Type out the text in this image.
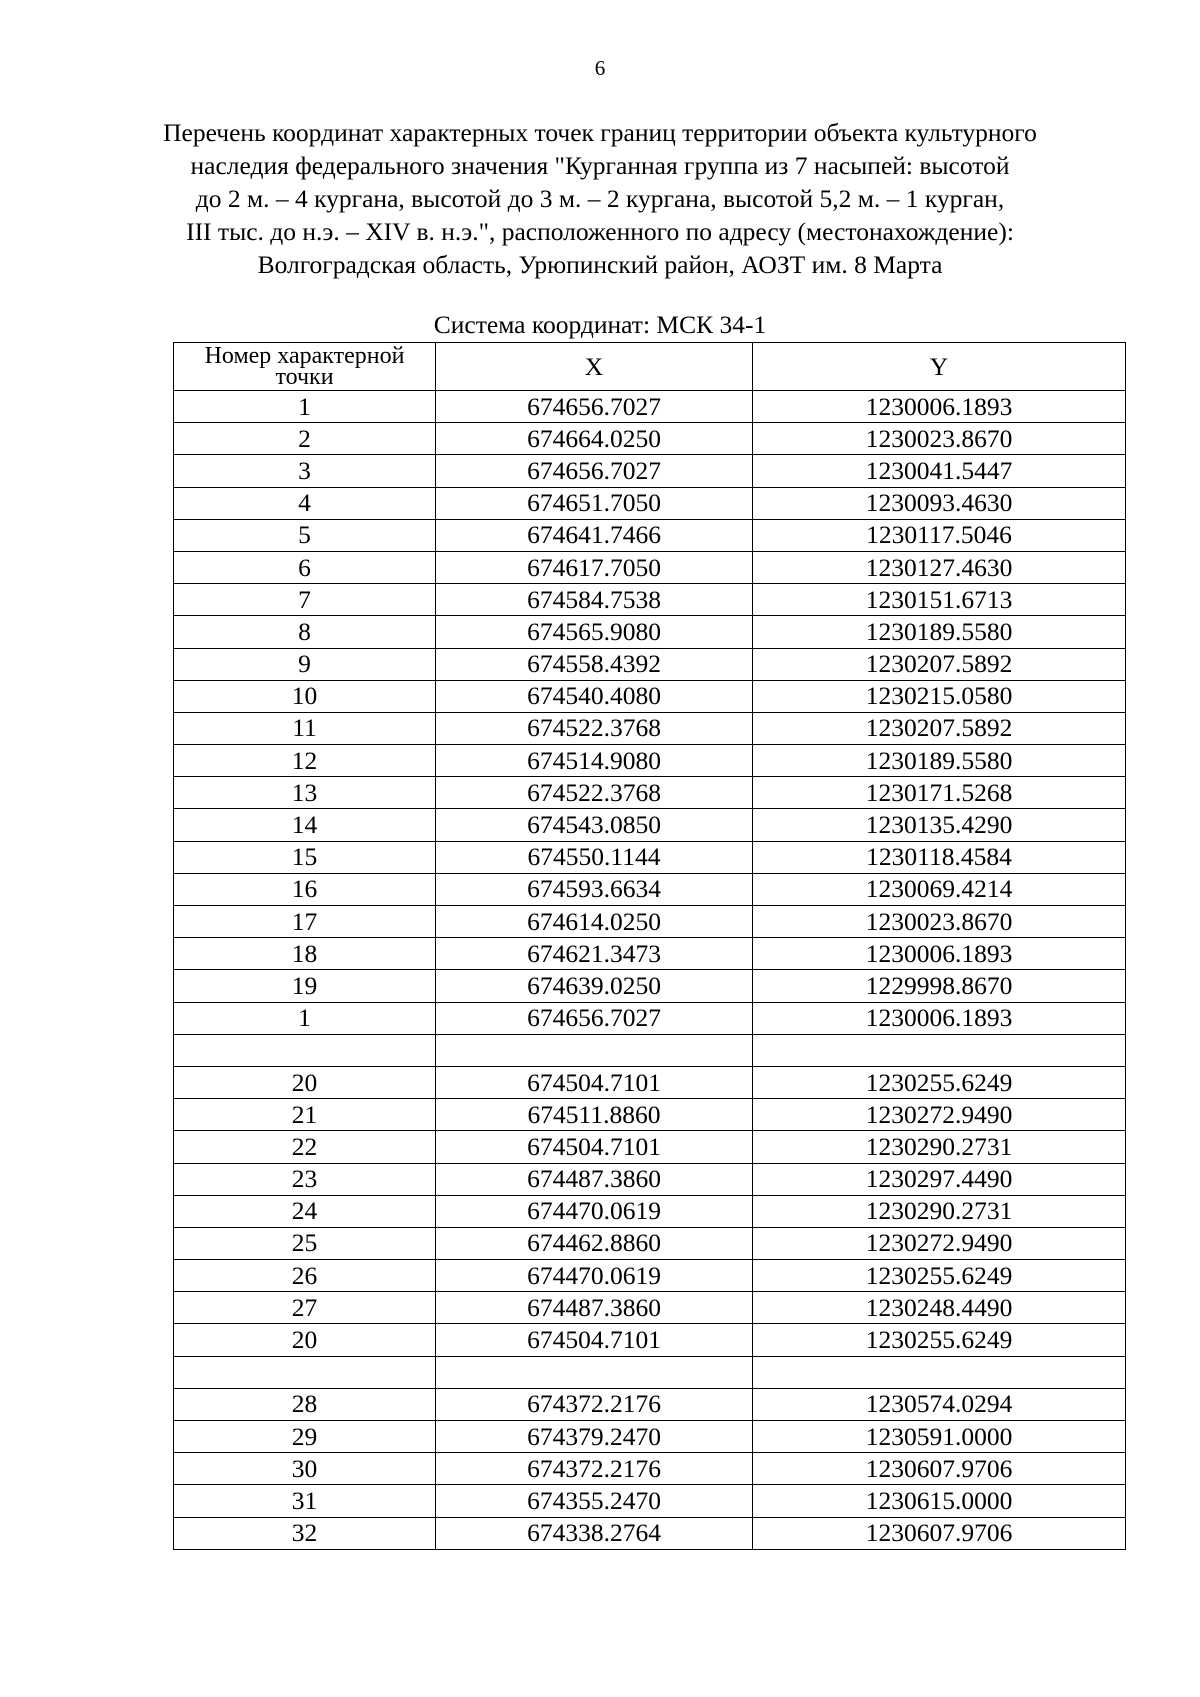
6
Перечень координат характерных точек границ территории объекта культурного
наследия федерального значения "Курганная группа из 7 насыпей: высотой
до 2 м. – 4 кургана, высотой до 3 м. – 2 кургана, высотой 5,2 м. – 1 курган,
III тыс. до н.э. – XIV в. н.э.", расположенного по адресу (местонахождение):
Волгоградская область, Урюпинский район, АОЗТ им. 8 Марта
Система координат: МСК 34-1
Номер характерной точки	X	Y
1	674656.7027	1230006.1893
2	674664.0250	1230023.8670
3	674656.7027	1230041.5447
4	674651.7050	1230093.4630
5	674641.7466	1230117.5046
6	674617.7050	1230127.4630
7	674584.7538	1230151.6713
8	674565.9080	1230189.5580
9	674558.4392	1230207.5892
10	674540.4080	1230215.0580
11	674522.3768	1230207.5892
12	674514.9080	1230189.5580
13	674522.3768	1230171.5268
14	674543.0850	1230135.4290
15	674550.1144	1230118.4584
16	674593.6634	1230069.4214
17	674614.0250	1230023.8670
18	674621.3473	1230006.1893
19	674639.0250	1229998.8670
1	674656.7027	1230006.1893

20	674504.7101	1230255.6249
21	674511.8860	1230272.9490
22	674504.7101	1230290.2731
23	674487.3860	1230297.4490
24	674470.0619	1230290.2731
25	674462.8860	1230272.9490
26	674470.0619	1230255.6249
27	674487.3860	1230248.4490
20	674504.7101	1230255.6249

28	674372.2176	1230574.0294
29	674379.2470	1230591.0000
30	674372.2176	1230607.9706
31	674355.2470	1230615.0000
32	674338.2764	1230607.9706
